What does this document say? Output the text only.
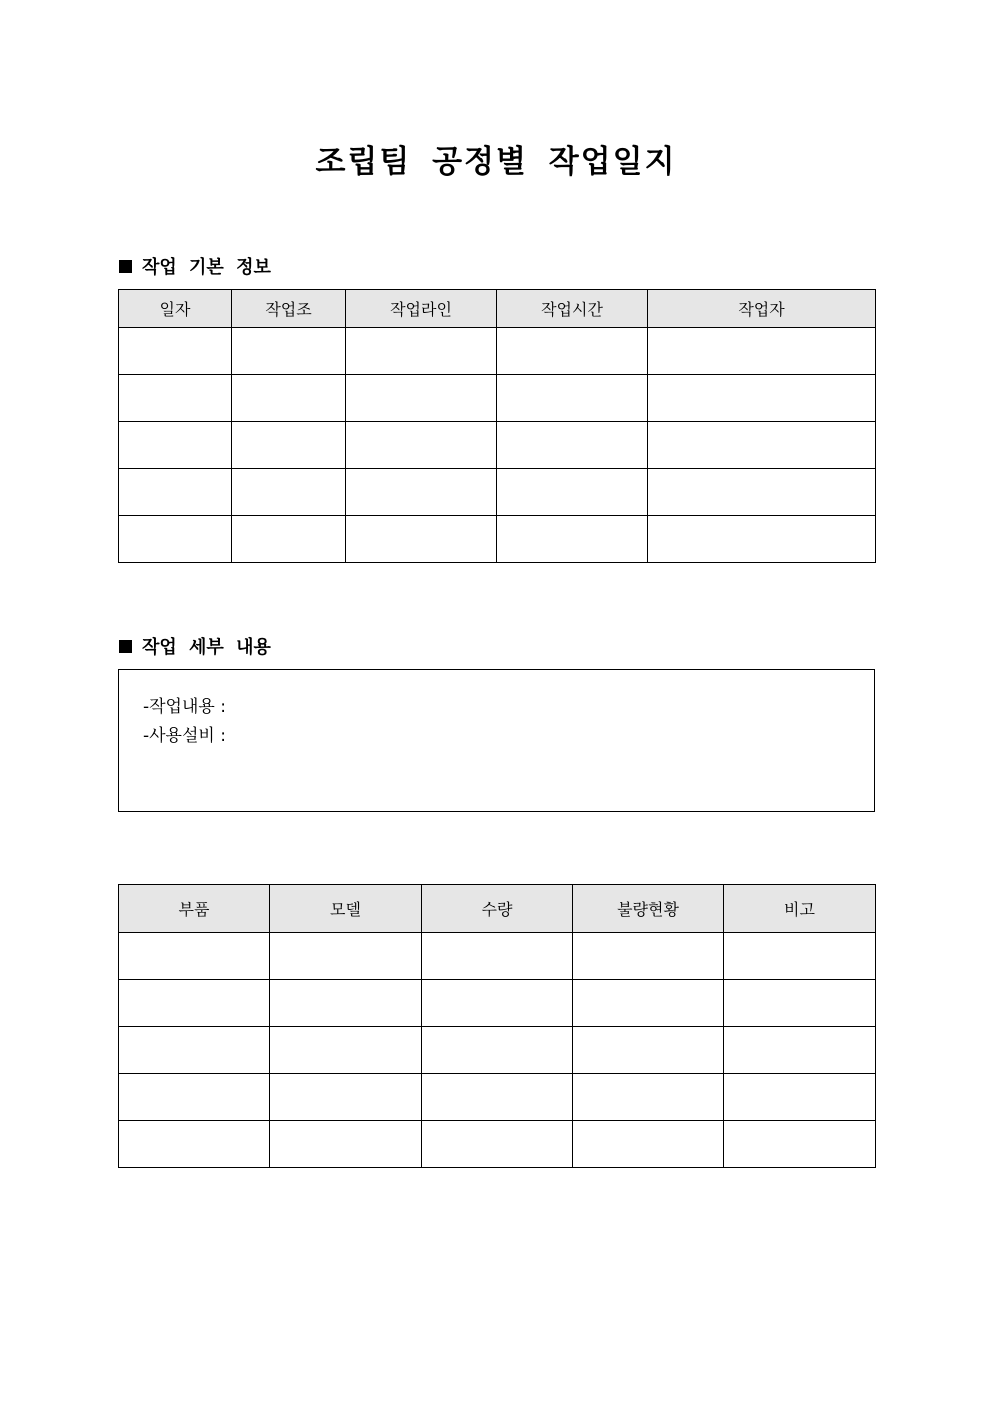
조립팀 공정별 작업일지
작업 기본 정보
일자	작업조	작업라인	작업시간	작업자

작업 세부 내용
-작업내용 :
-사용설비 :
부품	모델	수량	불량현황	비고
